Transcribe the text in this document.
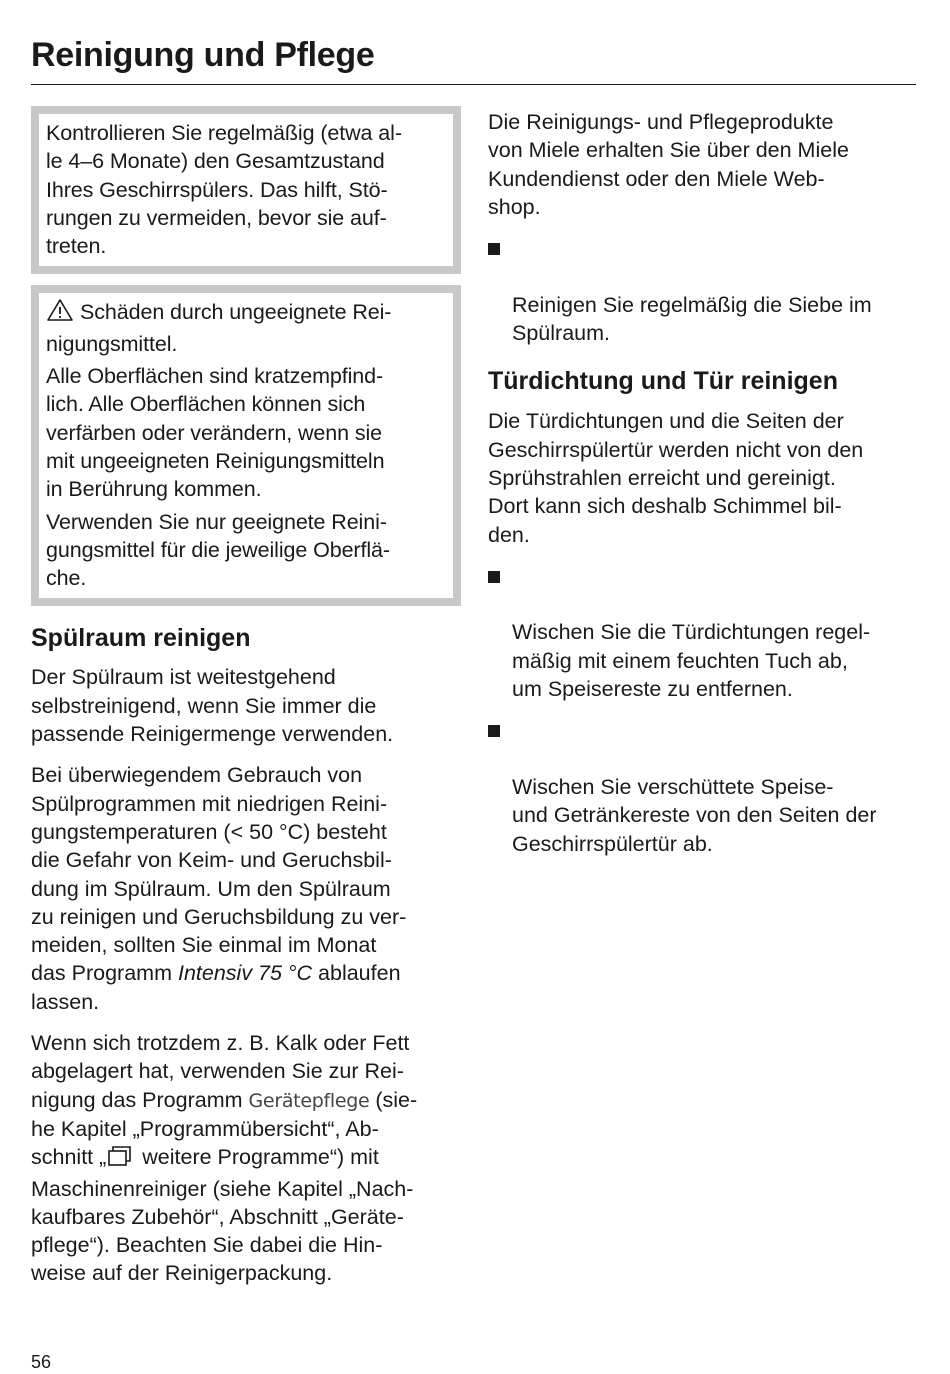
Reinigung und Pflege

Kontrollieren Sie regelmäßig (etwa al-
le 4–6 Monate) den Gesamtzustand
Ihres Geschirrspülers. Das hilft, Stö-
rungen zu vermeiden, bevor sie auf-
treten.

Schäden durch ungeeignete Rei-
nigungsmittel.

Alle Oberflächen sind kratzempfind-
lich. Alle Oberflächen können sich
verfärben oder verändern, wenn sie
mit ungeeigneten Reinigungsmitteln
in Berührung kommen.

Verwenden Sie nur geeignete Reini-
gungsmittel für die jeweilige Oberflä-
che.

Spülraum reinigen

Der Spülraum ist weitestgehend
selbstreinigend, wenn Sie immer die
passende Reinigermenge verwenden.

Bei überwiegendem Gebrauch von
Spülprogrammen mit niedrigen Reini-
gungstemperaturen (< 50 °C) besteht
die Gefahr von Keim- und Geruchsbil-
dung im Spülraum. Um den Spülraum
zu reinigen und Geruchsbildung zu ver-
meiden, sollten Sie einmal im Monat
das Programm Intensiv 75 °C ablaufen
lassen.

Wenn sich trotzdem z. B. Kalk oder Fett
abgelagert hat, verwenden Sie zur Rei-
nigung das Programm Gerätepflege (sie-
he Kapitel „Programmübersicht“, Ab-
schnitt „ weitere Programme“) mit
Maschinenreiniger (siehe Kapitel „Nach-
kaufbares Zubehör“, Abschnitt „Geräte-
pflege“). Beachten Sie dabei die Hin-
weise auf der Reinigerpackung.

Die Reinigungs- und Pflegeprodukte
von Miele erhalten Sie über den Miele
Kundendienst oder den Miele Web-
shop.

Reinigen Sie regelmäßig die Siebe im
Spülraum.

Türdichtung und Tür reinigen

Die Türdichtungen und die Seiten der
Geschirrspülertür werden nicht von den
Sprühstrahlen erreicht und gereinigt.
Dort kann sich deshalb Schimmel bil-
den.

Wischen Sie die Türdichtungen regel-
mäßig mit einem feuchten Tuch ab,
um Speisereste zu entfernen.

Wischen Sie verschüttete Speise-
und Getränkereste von den Seiten der
Geschirrspülertür ab.

56
